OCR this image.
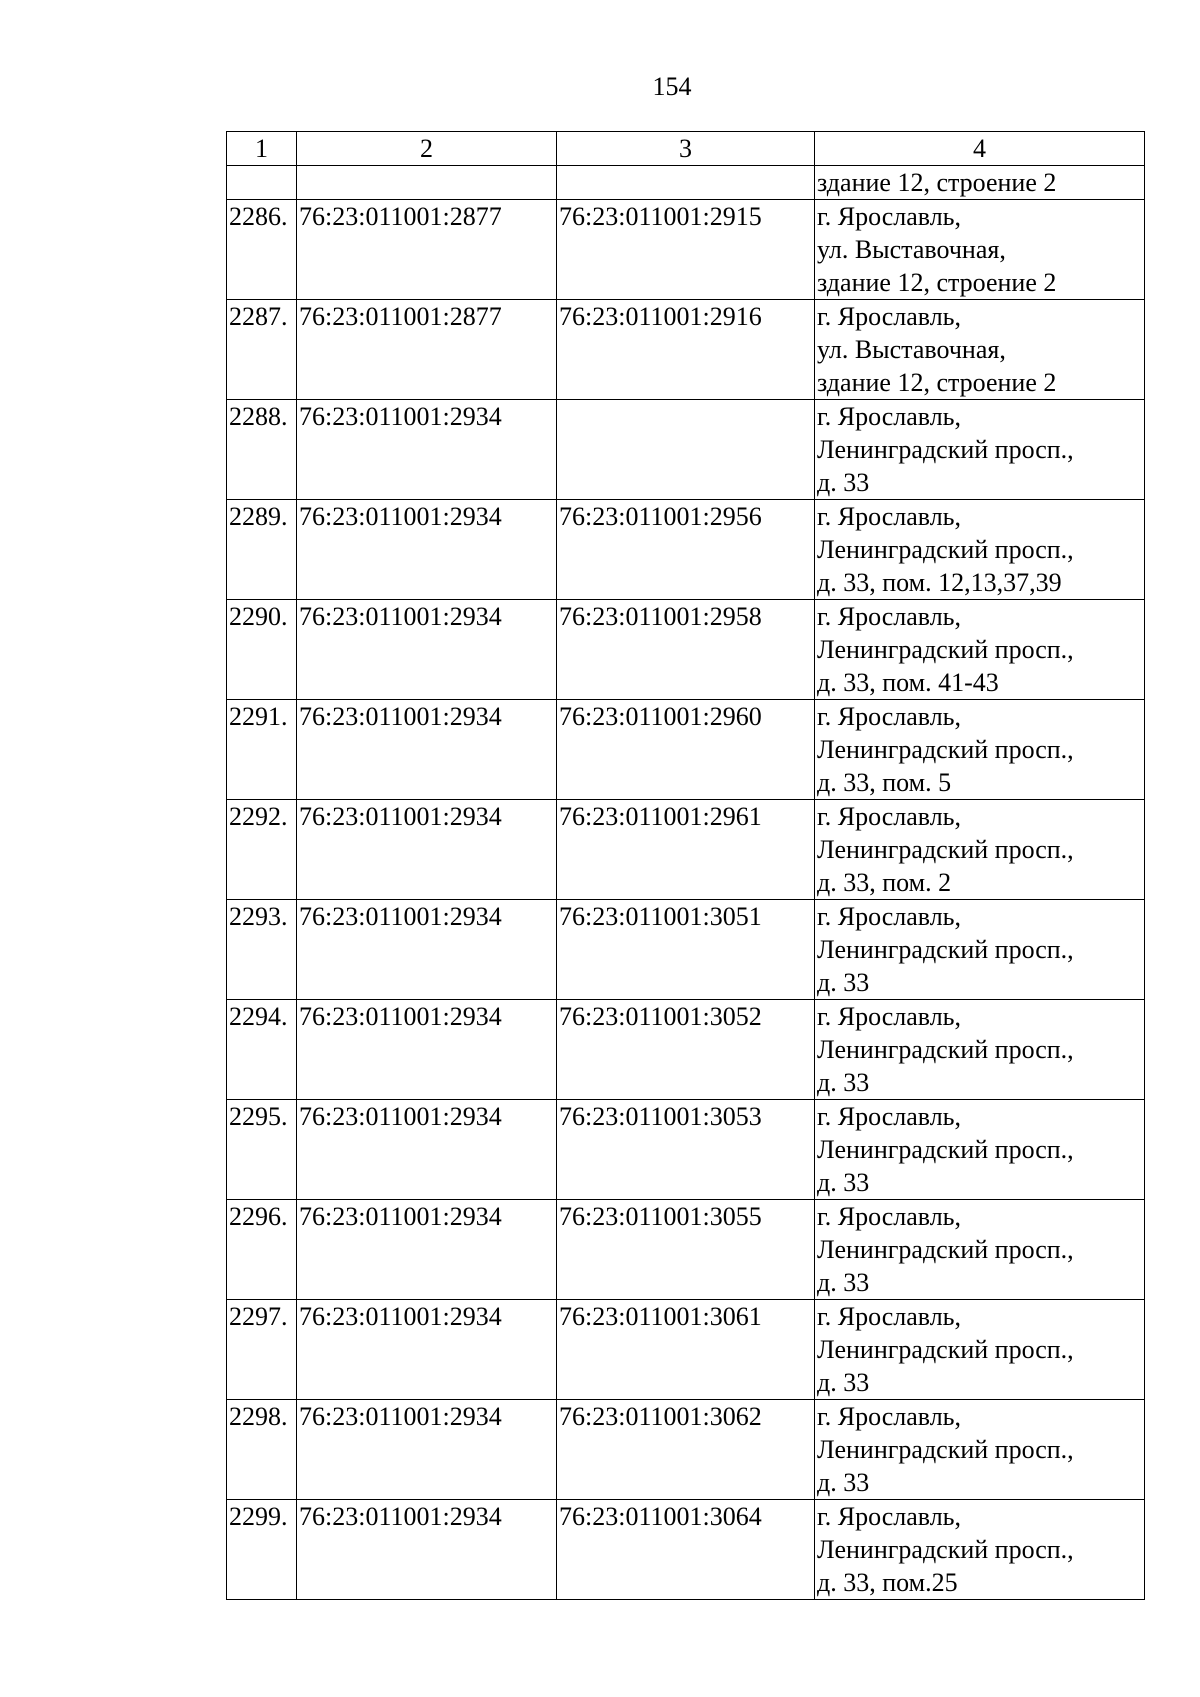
154
1	2	3	4
			здание 12, строение 2

2286.	76:23:011001:2877	76:23:011001:2915	г. Ярославль,
ул. Выставочная,
здание 12, строение 2

2287.	76:23:011001:2877	76:23:011001:2916	г. Ярославль,
ул. Выставочная,
здание 12, строение 2

2288.	76:23:011001:2934		г. Ярославль,
Ленинградский просп.,
д. 33

2289.	76:23:011001:2934	76:23:011001:2956	г. Ярославль,
Ленинградский просп.,
д. 33, пом. 12,13,37,39

2290.	76:23:011001:2934	76:23:011001:2958	г. Ярославль,
Ленинградский просп.,
д. 33, пом. 41-43

2291.	76:23:011001:2934	76:23:011001:2960	г. Ярославль,
Ленинградский просп.,
д. 33, пом. 5

2292.	76:23:011001:2934	76:23:011001:2961	г. Ярославль,
Ленинградский просп.,
д. 33, пом. 2

2293.	76:23:011001:2934	76:23:011001:3051	г. Ярославль,
Ленинградский просп.,
д. 33

2294.	76:23:011001:2934	76:23:011001:3052	г. Ярославль,
Ленинградский просп.,
д. 33

2295.	76:23:011001:2934	76:23:011001:3053	г. Ярославль,
Ленинградский просп.,
д. 33

2296.	76:23:011001:2934	76:23:011001:3055	г. Ярославль,
Ленинградский просп.,
д. 33

2297.	76:23:011001:2934	76:23:011001:3061	г. Ярославль,
Ленинградский просп.,
д. 33

2298.	76:23:011001:2934	76:23:011001:3062	г. Ярославль,
Ленинградский просп.,
д. 33

2299.	76:23:011001:2934	76:23:011001:3064	г. Ярославль,
Ленинградский просп.,
д. 33, пом.25
